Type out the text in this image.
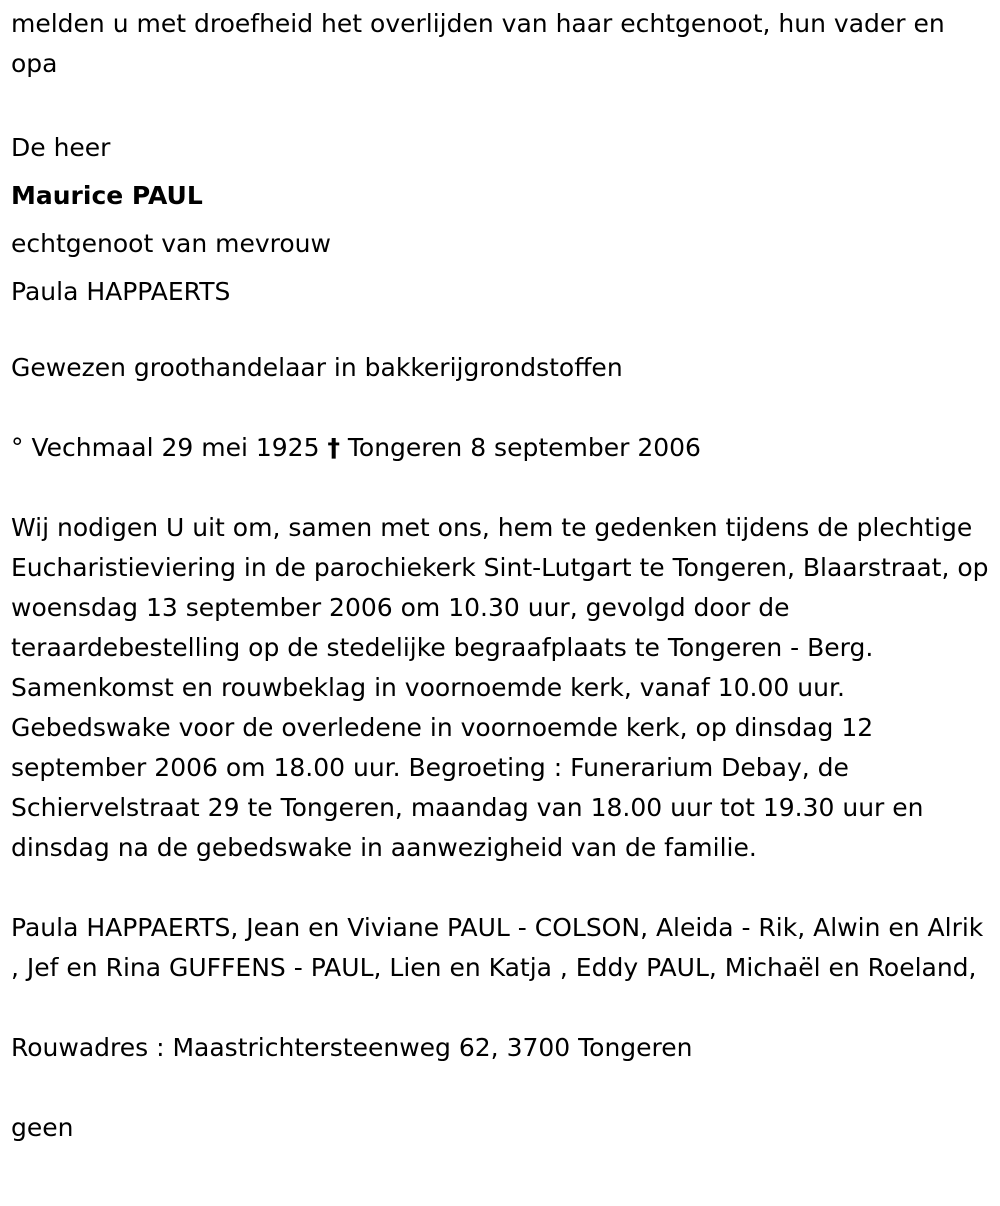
melden u met droefheid het overlijden van haar echtgenoot, hun vader en opa

De heer

Maurice PAUL

echtgenoot van mevrouw

Paula HAPPAERTS

Gewezen groothandelaar in bakkerijgrondstoffen

° Vechmaal 29 mei 1925 † Tongeren 8 september 2006

Wij nodigen U uit om, samen met ons, hem te gedenken tijdens de plechtige Eucharistieviering in de parochiekerk Sint-Lutgart te Tongeren, Blaarstraat, op woensdag 13 september 2006 om 10.30 uur, gevolgd door de teraardebestelling op de stedelijke begraafplaats te Tongeren - Berg. Samenkomst en rouwbeklag in voornoemde kerk, vanaf 10.00 uur. Gebedswake voor de overledene in voornoemde kerk, op dinsdag 12 september 2006 om 18.00 uur. Begroeting : Funerarium Debay, de Schiervelstraat 29 te Tongeren, maandag van 18.00 uur tot 19.30 uur en dinsdag na de gebedswake in aanwezigheid van de familie.

Paula HAPPAERTS, Jean en Viviane PAUL - COLSON, Aleida - Rik, Alwin en Alrik , Jef en Rina GUFFENS - PAUL, Lien en Katja , Eddy PAUL, Michaël en Roeland,

Rouwadres : Maastrichtersteenweg 62, 3700 Tongeren

geen
